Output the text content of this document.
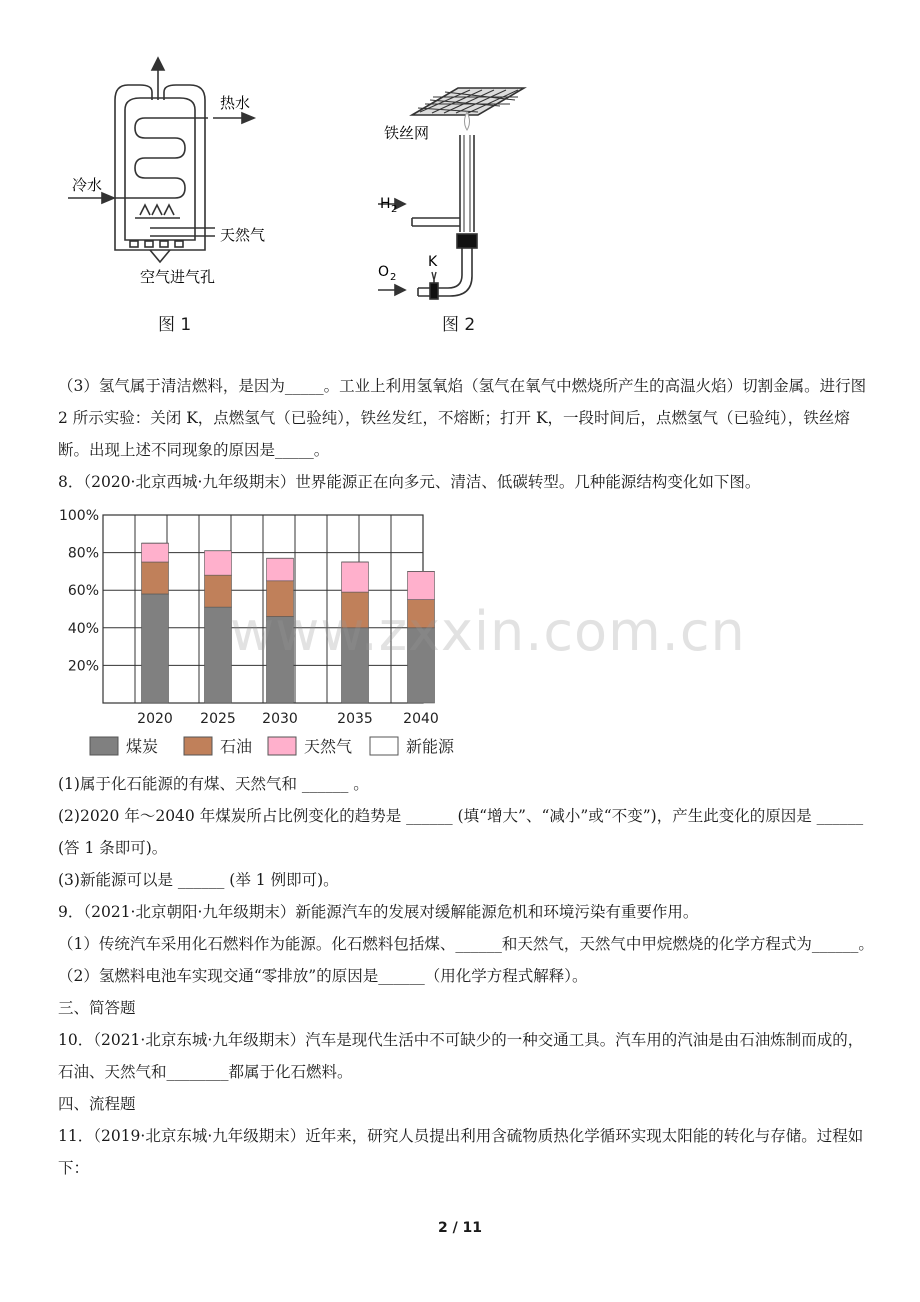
热水
冷水
天然气
空气进气孔
铁丝网
H 2
O 2
K
图 1	图 2

（3）氢气属于清洁燃料，是因为_____。工业上利用氢氧焰（氢气在氧气中燃烧所产生的高温火焰）切割金属。进行图 2 所示实验：关闭 K，点燃氢气（已验纯），铁丝发红，不熔断；打开 K，一段时间后，点燃氢气（已验纯），铁丝熔断。出现上述不同现象的原因是_____。

8．（2020·北京西城·九年级期末）世界能源正在向多元、清洁、低碳转型。几种能源结构变化如下图。

20%
40%
60%
80%
100%
2020 2025 2030	2035 2040
煤炭	石油	天然气	新能源
www.zxxin.com.cn

(1)属于化石能源的有煤、天然气和 ______ 。

(2)2020 年～2040 年煤炭所占比例变化的趋势是 ______ (填“增大”、“减小”或“不变”)，产生此变化的原因是 ______ (答 1 条即可)。

(3)新能源可以是 ______ (举 1 例即可)。

9．（2021·北京朝阳·九年级期末）新能源汽车的发展对缓解能源危机和环境污染有重要作用。

（1）传统汽车采用化石燃料作为能源。化石燃料包括煤、______和天然气，天然气中甲烷燃烧的化学方程式为______。

（2）氢燃料电池车实现交通“零排放”的原因是______（用化学方程式解释）。

三、简答题

10．（2021·北京东城·九年级期末）汽车是现代生活中不可缺少的一种交通工具。汽车用的汽油是由石油炼制而成的，石油、天然气和________都属于化石燃料。

四、流程题

11．（2019·北京东城·九年级期末）近年来，研究人员提出利用含硫物质热化学循环实现太阳能的转化与存储。过程如下：

2 / 11
